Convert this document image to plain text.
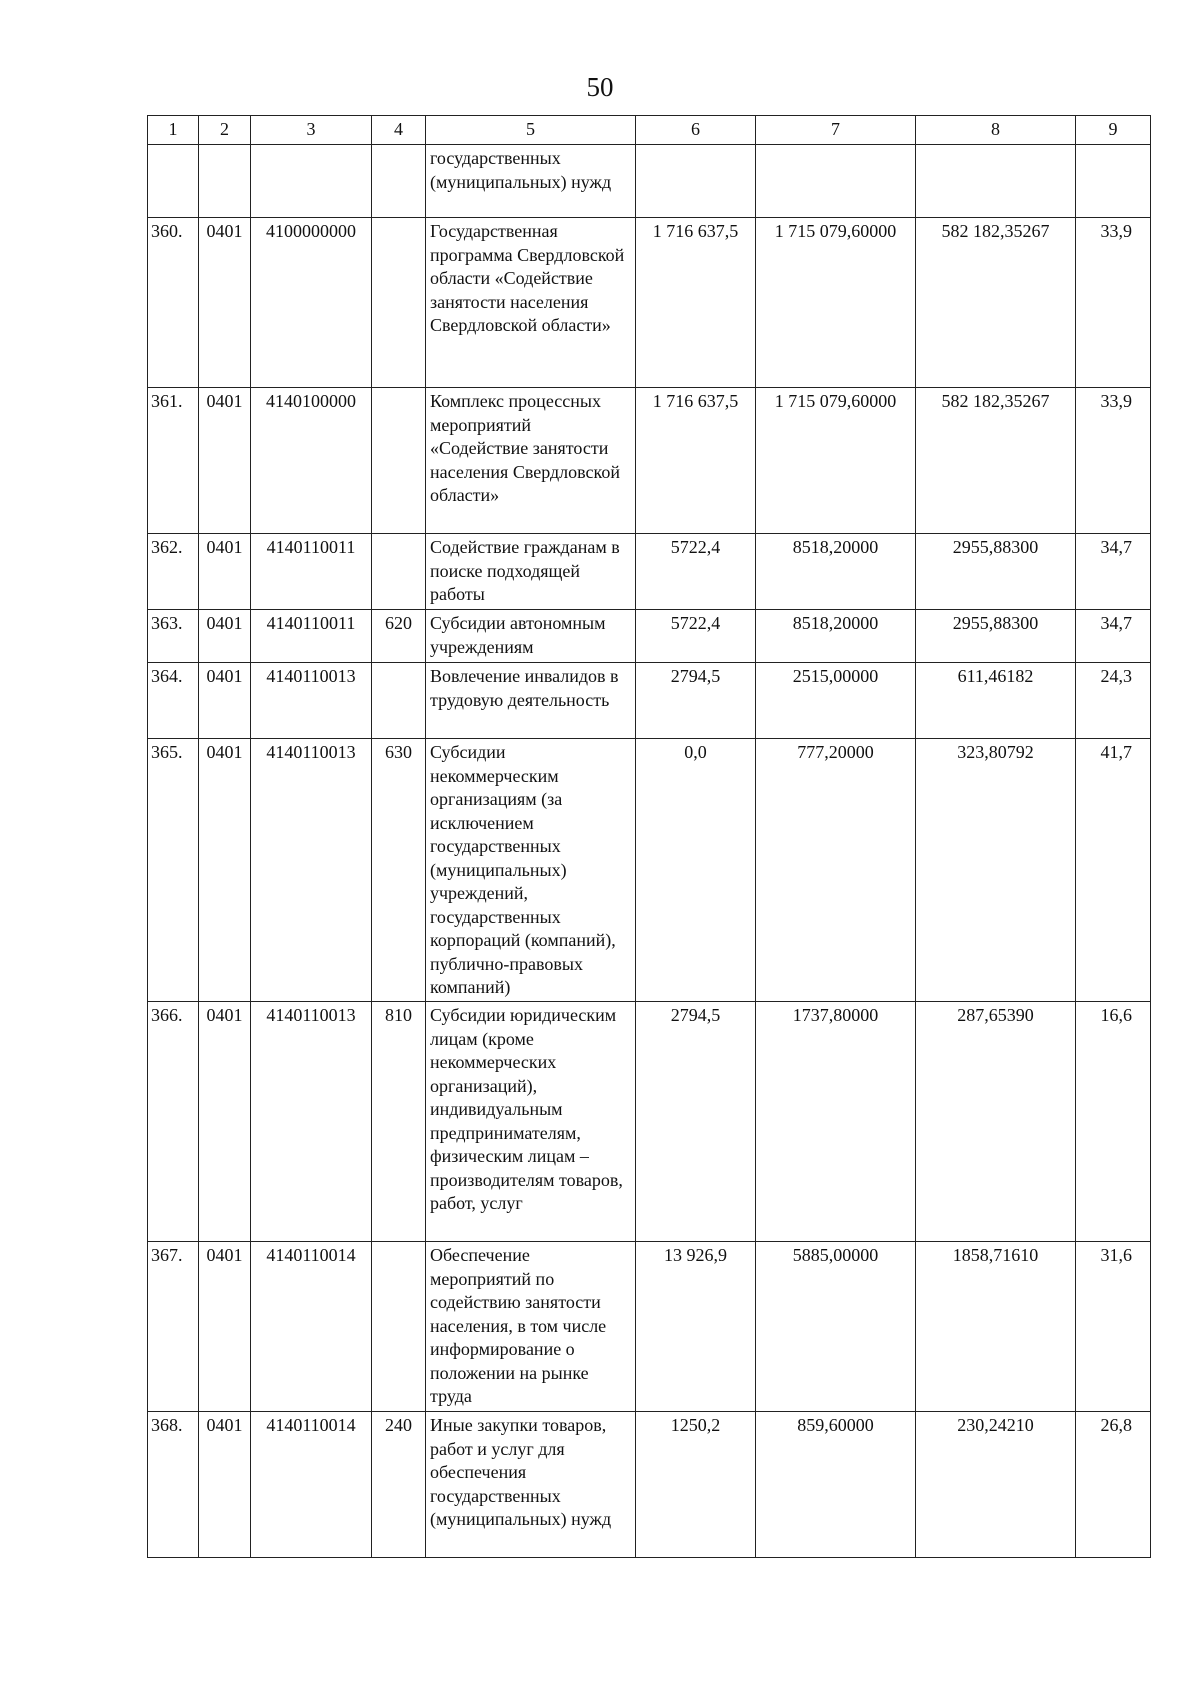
50
1	2	3	4	5	6	7	8	9
				государственных (муниципальных) нужд				
360.	0401	4100000000		Государственная программа Свердловской области «Содействие занятости населения Свердловской области»	1 716 637,5	1 715 079,60000	582 182,35267	33,9
361.	0401	4140100000		Комплекс процессных мероприятий «Содействие занятости населения Свердловской области»	1 716 637,5	1 715 079,60000	582 182,35267	33,9
362.	0401	4140110011		Содействие гражданам в поиске подходящей работы	5722,4	8518,20000	2955,88300	34,7
363.	0401	4140110011	620	Субсидии автономным учреждениям	5722,4	8518,20000	2955,88300	34,7
364.	0401	4140110013		Вовлечение инвалидов в трудовую деятельность	2794,5	2515,00000	611,46182	24,3
365.	0401	4140110013	630	Субсидии некоммерческим организациям (за исключением государственных (муниципальных) учреждений, государственных корпораций (компаний), публично-правовых компаний)	0,0	777,20000	323,80792	41,7
366.	0401	4140110013	810	Субсидии юридическим лицам (кроме некоммерческих организаций), индивидуальным предпринимателям, физическим лицам – производителям товаров, работ, услуг	2794,5	1737,80000	287,65390	16,6
367.	0401	4140110014		Обеспечение мероприятий по содействию занятости населения, в том числе информирование о положении на рынке труда	13 926,9	5885,00000	1858,71610	31,6
368.	0401	4140110014	240	Иные закупки товаров, работ и услуг для обеспечения государственных (муниципальных) нужд	1250,2	859,60000	230,24210	26,8
